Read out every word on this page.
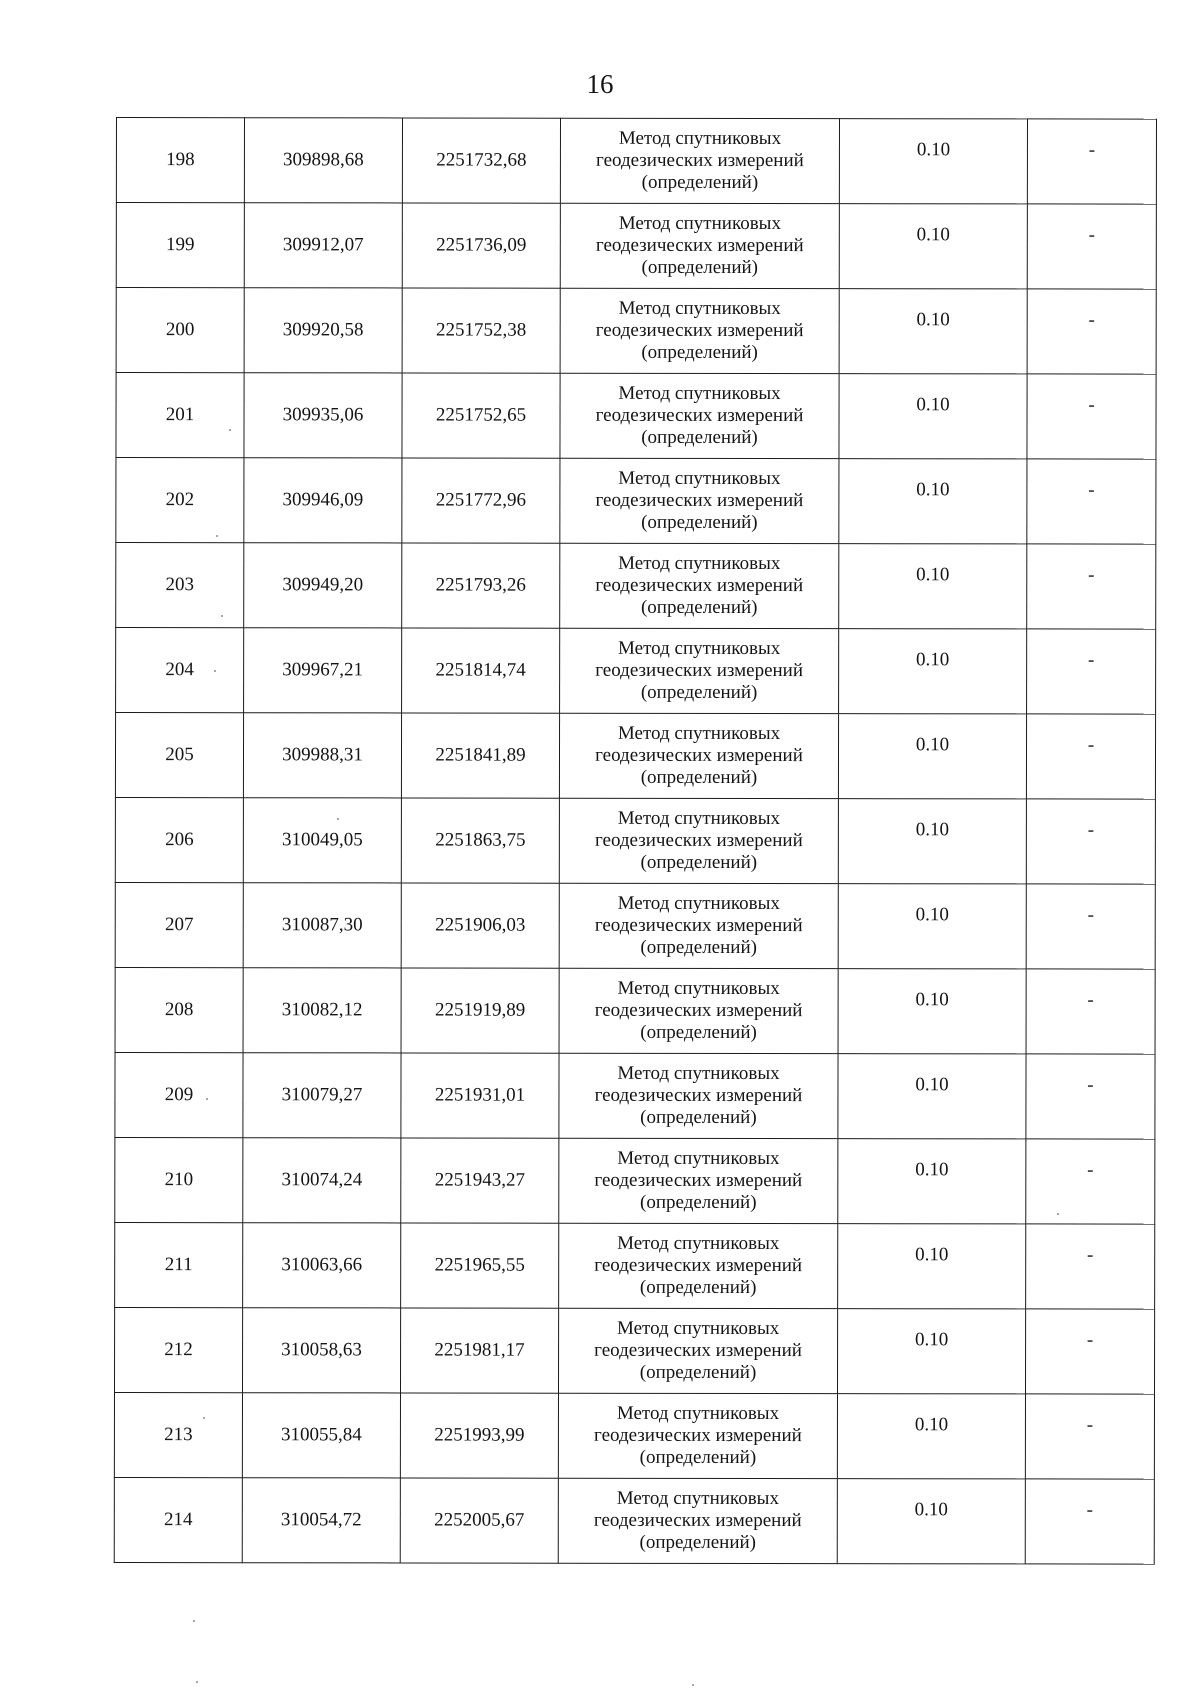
16
198	309898,68	2251732,68	Метод спутниковых
геодезических измерений
(определений)	0.10	-
199	309912,07	2251736,09	Метод спутниковых
геодезических измерений
(определений)	0.10	-
200	309920,58	2251752,38	Метод спутниковых
геодезических измерений
(определений)	0.10	-
201	309935,06	2251752,65	Метод спутниковых
геодезических измерений
(определений)	0.10	-
202	309946,09	2251772,96	Метод спутниковых
геодезических измерений
(определений)	0.10	-
203	309949,20	2251793,26	Метод спутниковых
геодезических измерений
(определений)	0.10	-
204	309967,21	2251814,74	Метод спутниковых
геодезических измерений
(определений)	0.10	-
205	309988,31	2251841,89	Метод спутниковых
геодезических измерений
(определений)	0.10	-
206	310049,05	2251863,75	Метод спутниковых
геодезических измерений
(определений)	0.10	-
207	310087,30	2251906,03	Метод спутниковых
геодезических измерений
(определений)	0.10	-
208	310082,12	2251919,89	Метод спутниковых
геодезических измерений
(определений)	0.10	-
209	310079,27	2251931,01	Метод спутниковых
геодезических измерений
(определений)	0.10	-
210	310074,24	2251943,27	Метод спутниковых
геодезических измерений
(определений)	0.10	-
211	310063,66	2251965,55	Метод спутниковых
геодезических измерений
(определений)	0.10	-
212	310058,63	2251981,17	Метод спутниковых
геодезических измерений
(определений)	0.10	-
213	310055,84	2251993,99	Метод спутниковых
геодезических измерений
(определений)	0.10	-
214	310054,72	2252005,67	Метод спутниковых
геодезических измерений
(определений)	0.10	-
